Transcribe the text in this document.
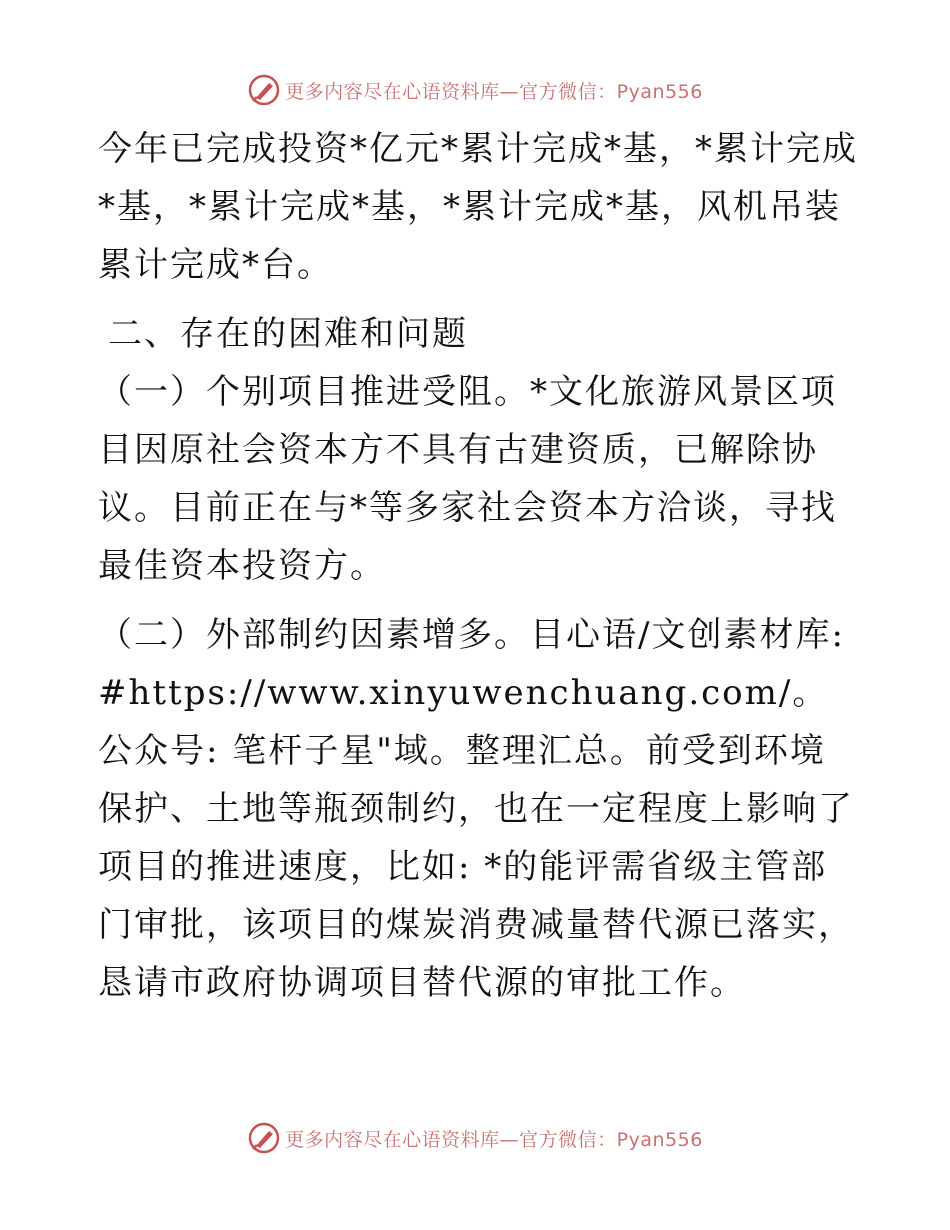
更多内容尽在心语资料库—官方微信：Pyan556

今年已完成投资*亿元*累计完成*基，*累计完成*基，*累计完成*基，*累计完成*基，风机吊装累计完成*台。

二、存在的困难和问题

（一）个别项目推进受阻。*文化旅游风景区项目因原社会资本方不具有古建资质，已解除协议。目前正在与*等多家社会资本方洽谈，寻找最佳资本投资方。

（二）外部制约因素增多。目心语/文创素材库: #https://www.xinyuwenchuang.com/。公众号: 笔杆子星"域。整理汇总。前受到环境保护、土地等瓶颈制约，也在一定程度上影响了项目的推进速度，比如: *的能评需省级主管部门审批，该项目的煤炭消费减量替代源已落实，恳请市政府协调项目替代源的审批工作。

更多内容尽在心语资料库—官方微信：Pyan556
